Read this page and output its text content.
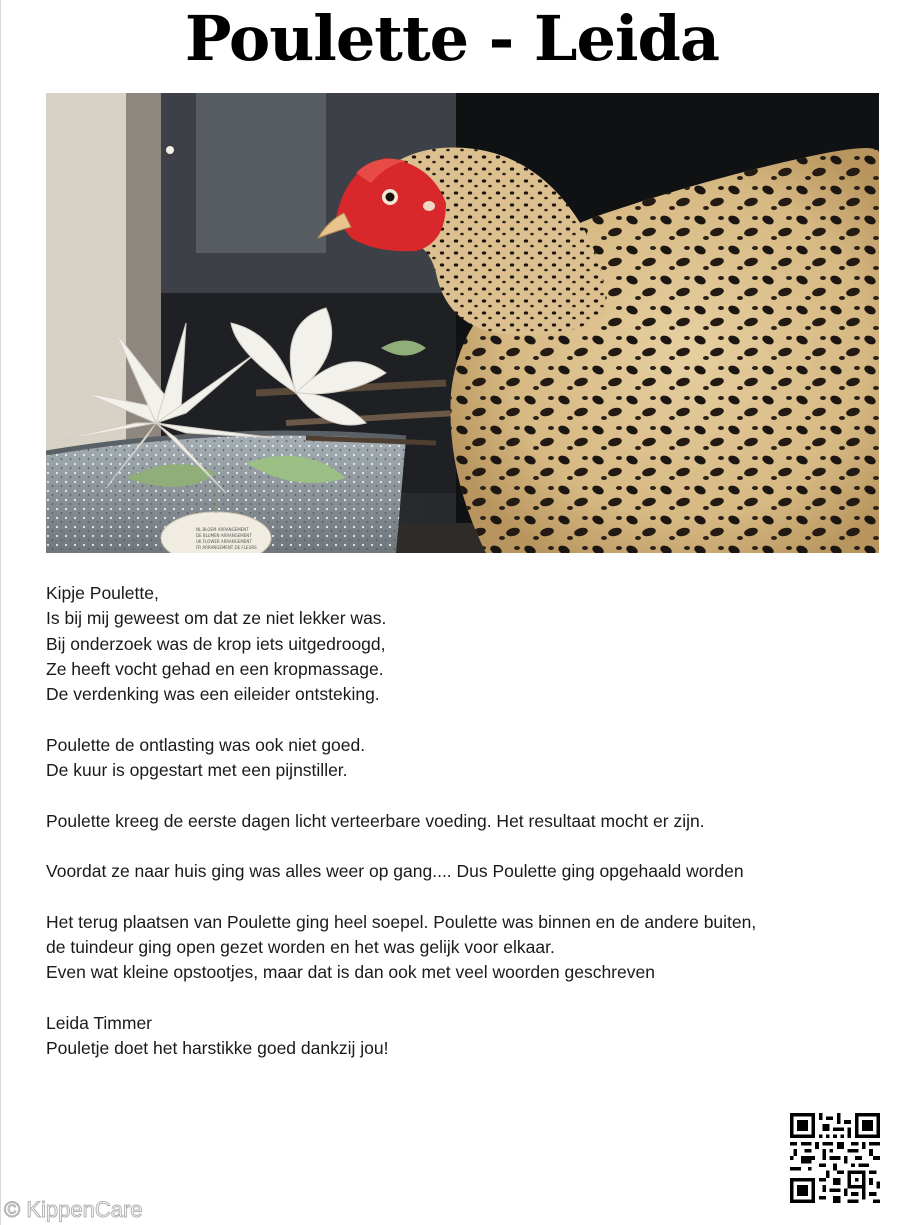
Poulette - Leida
NL BLOEM ARRANGEMENT
DE BLUMEN ARRANGEMENT
UK FLOWER ARRANGEMENT
FR ARRANGEMENT DE FLEURS
Kipje Poulette,
Is bij mij geweest om dat ze niet lekker was.
Bij onderzoek was de krop iets uitgedroogd,
Ze heeft vocht gehad en een kropmassage.
De verdenking was een eileider ontsteking.
Poulette de ontlasting was ook niet goed.
De kuur is opgestart met een pijnstiller.
Poulette kreeg de eerste dagen licht verteerbare voeding. Het resultaat mocht er zijn.
Voordat ze naar huis ging was alles weer op gang.... Dus Poulette ging opgehaald worden
Het terug plaatsen van Poulette ging heel soepel. Poulette was binnen en de andere buiten,
de tuindeur ging open gezet worden en het was gelijk voor elkaar.
Even wat kleine opstootjes, maar dat is dan ook met veel woorden geschreven
Leida Timmer
Pouletje doet het harstikke goed dankzij jou!
© KippenCare
